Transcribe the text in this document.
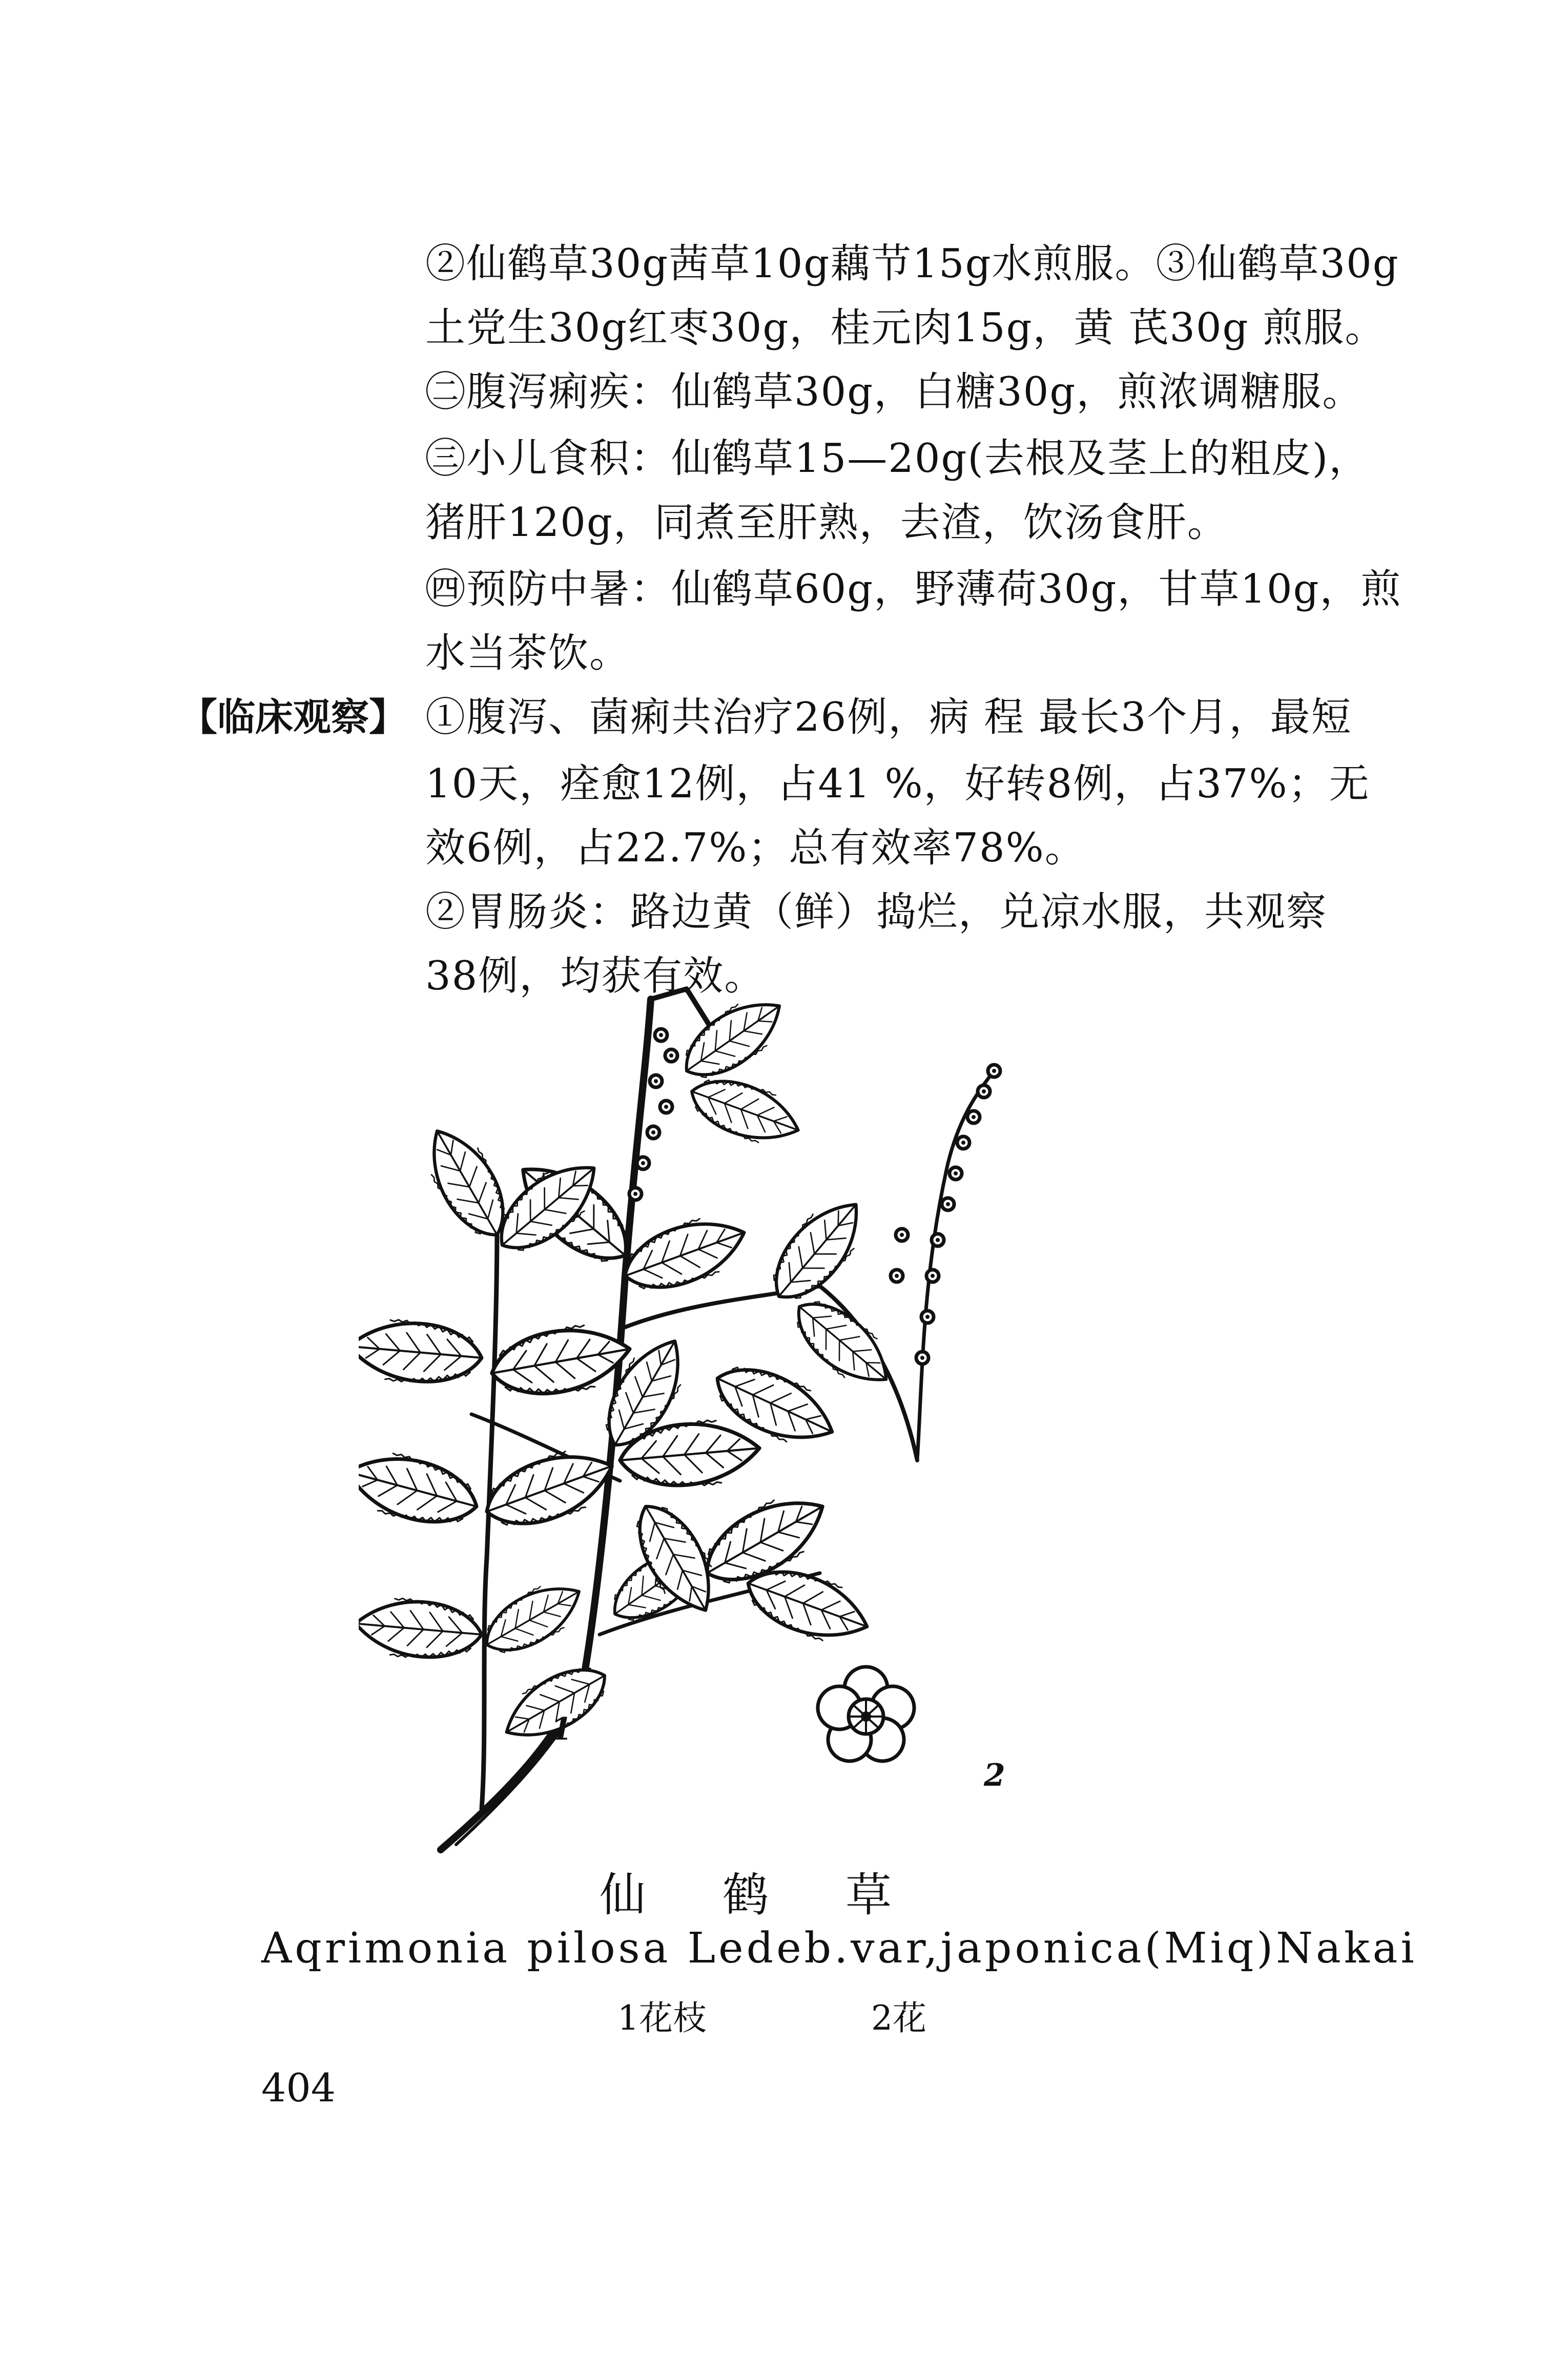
②仙鹤草30g茜草10g藕节15g水煎服。③仙鹤草30g
土党生30g红枣30g，桂元肉15g，黄 芪30g 煎服。
㊁腹泻痢疾：仙鹤草30g，白糖30g，煎浓调糖服。
㊂小儿食积：仙鹤草15—20g(去根及茎上的粗皮)，
猪肝120g，同煮至肝熟，去渣，饮汤食肝。
㊃预防中暑：仙鹤草60g，野薄荷30g，甘草10g，煎
水当茶饮。
【临床观察】 ①腹泻、菌痢共治疗26例，病 程 最长3个月，最短
10天，痊愈12例，占41 %，好转8例，占37%；无
效6例，占22.7%；总有效率78%。
②胃肠炎：路边黄（鲜）捣烂，兑凉水服，共观察
38例，均获有效。
1
2
仙鹤草
Aqrimonia pilosa Ledeb.var,japonica(Miq)Nakai
1花枝	2花
404
